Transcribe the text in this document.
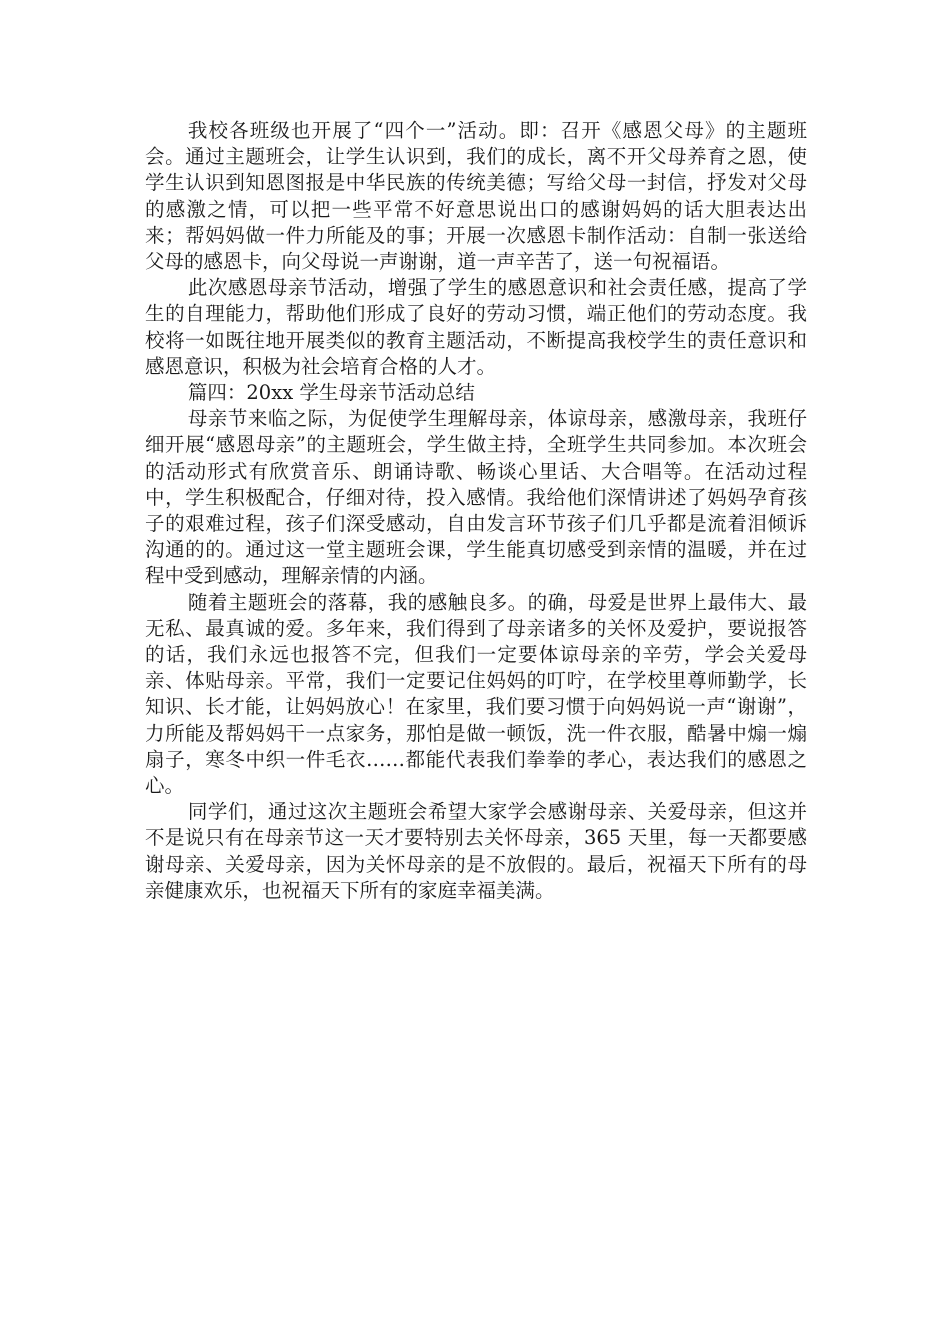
我校各班级也开展了“四个一”活动。即：召开《感恩父母》的主题班会。通过主题班会，让学生认识到，我们的成长，离不开父母养育之恩，使学生认识到知恩图报是中华民族的传统美德；写给父母一封信，抒发对父母的感激之情，可以把一些平常不好意思说出口的感谢妈妈的话大胆表达出来；帮妈妈做一件力所能及的事；开展一次感恩卡制作活动：自制一张送给父母的感恩卡，向父母说一声谢谢，道一声辛苦了，送一句祝福语。

此次感恩母亲节活动，增强了学生的感恩意识和社会责任感，提高了学生的自理能力，帮助他们形成了良好的劳动习惯，端正他们的劳动态度。我校将一如既往地开展类似的教育主题活动，不断提高我校学生的责任意识和感恩意识，积极为社会培育合格的人才。

篇四：20xx 学生母亲节活动总结

母亲节来临之际，为促使学生理解母亲，体谅母亲，感激母亲，我班仔细开展“感恩母亲”的主题班会，学生做主持，全班学生共同参加。本次班会的活动形式有欣赏音乐、朗诵诗歌、畅谈心里话、大合唱等。在活动过程中，学生积极配合，仔细对待，投入感情。我给他们深情讲述了妈妈孕育孩子的艰难过程，孩子们深受感动，自由发言环节孩子们几乎都是流着泪倾诉沟通的的。通过这一堂主题班会课，学生能真切感受到亲情的温暖，并在过程中受到感动，理解亲情的内涵。

随着主题班会的落幕，我的感触良多。的确，母爱是世界上最伟大、最无私、最真诚的爱。多年来，我们得到了母亲诸多的关怀及爱护，要说报答的话，我们永远也报答不完，但我们一定要体谅母亲的辛劳，学会关爱母亲、体贴母亲。平常，我们一定要记住妈妈的叮咛，在学校里尊师勤学，长知识、长才能，让妈妈放心！在家里，我们要习惯于向妈妈说一声“谢谢”，力所能及帮妈妈干一点家务，那怕是做一顿饭，洗一件衣服，酷暑中煽一煽扇子，寒冬中织一件毛衣……都能代表我们拳拳的孝心，表达我们的感恩之心。

同学们，通过这次主题班会希望大家学会感谢母亲、关爱母亲，但这并不是说只有在母亲节这一天才要特别去关怀母亲，365 天里，每一天都要感谢母亲、关爱母亲，因为关怀母亲的是不放假的。最后，祝福天下所有的母亲健康欢乐，也祝福天下所有的家庭幸福美满。
